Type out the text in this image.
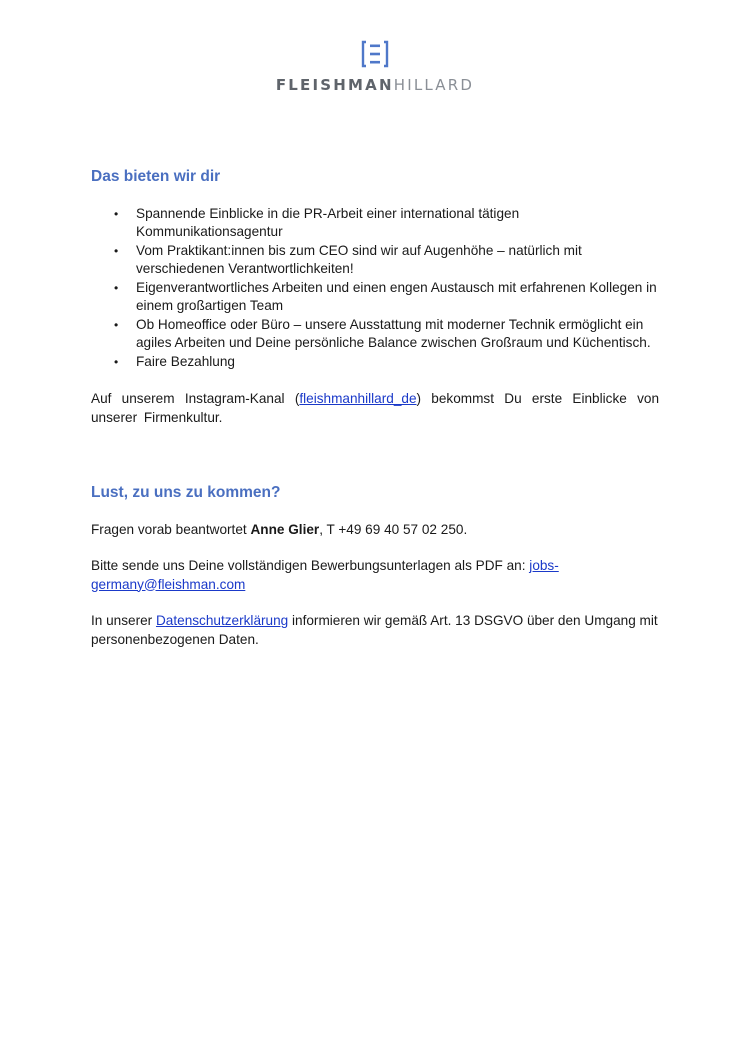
FLEISHMANHILLARD
Das bieten wir dir
• Spannende Einblicke in die PR-Arbeit einer international tätigen Kommunikationsagentur
• Vom Praktikant:innen bis zum CEO sind wir auf Augenhöhe – natürlich mit verschiedenen Verantwortlichkeiten!
• Eigenverantwortliches Arbeiten und einen engen Austausch mit erfahrenen Kollegen in einem großartigen Team
• Ob Homeoffice oder Büro – unsere Ausstattung mit moderner Technik ermöglicht ein agiles Arbeiten und Deine persönliche Balance zwischen Großraum und Küchentisch.
• Faire Bezahlung

Auf unserem Instagram-Kanal (fleishmanhillard_de) bekommst Du erste Einblicke von unserer Firmenkultur.

Lust, zu uns zu kommen?

Fragen vorab beantwortet Anne Glier, T +49 69 40 57 02 250.

Bitte sende uns Deine vollständigen Bewerbungsunterlagen als PDF an: jobs-germany@fleishman.com

In unserer Datenschutzerklärung informieren wir gemäß Art. 13 DSGVO über den Umgang mit personenbezogenen Daten.
